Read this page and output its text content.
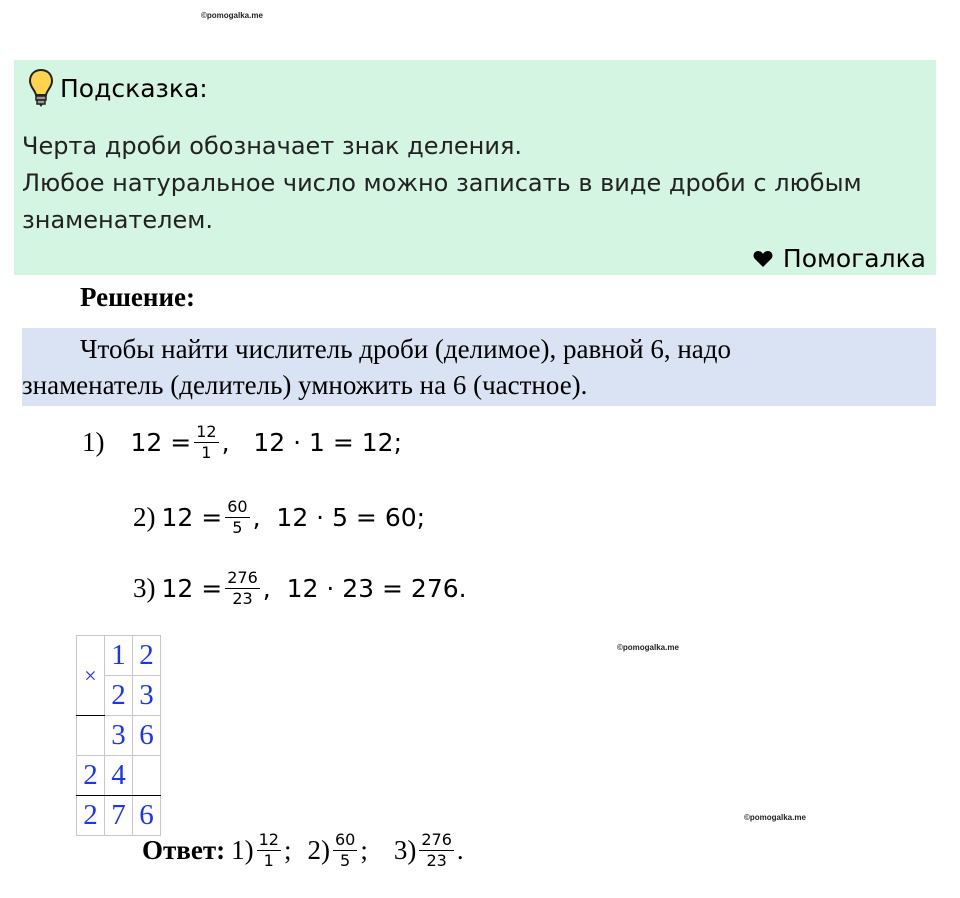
©pomogalka.me
©pomogalka.me
©pomogalka.me
Подсказка:
Черта дроби обозначает знак деления.
Любое натуральное число можно записать в виде дроби с любым
знаменателем.
Помогалка
Решение:
Чтобы найти числитель дроби (делимое), равной 6, надо
знаменатель (делитель) умножить на 6 (частное).
1) $12 = \frac{12}{1}$ ,   12 · 1 = 12;
2) $12 = \frac{60}{5}$ ,  12 · 5 = 60;
3) $12 = \frac{276}{23}$ ,  12 · 23 = 276.
×	1	2
	2	3
	3	6
2	4	
2	7	6
Ответ: $1) \frac{12}{1}$ ; $2) \frac{60}{5}$ ; $3) \frac{276}{23}$ .
